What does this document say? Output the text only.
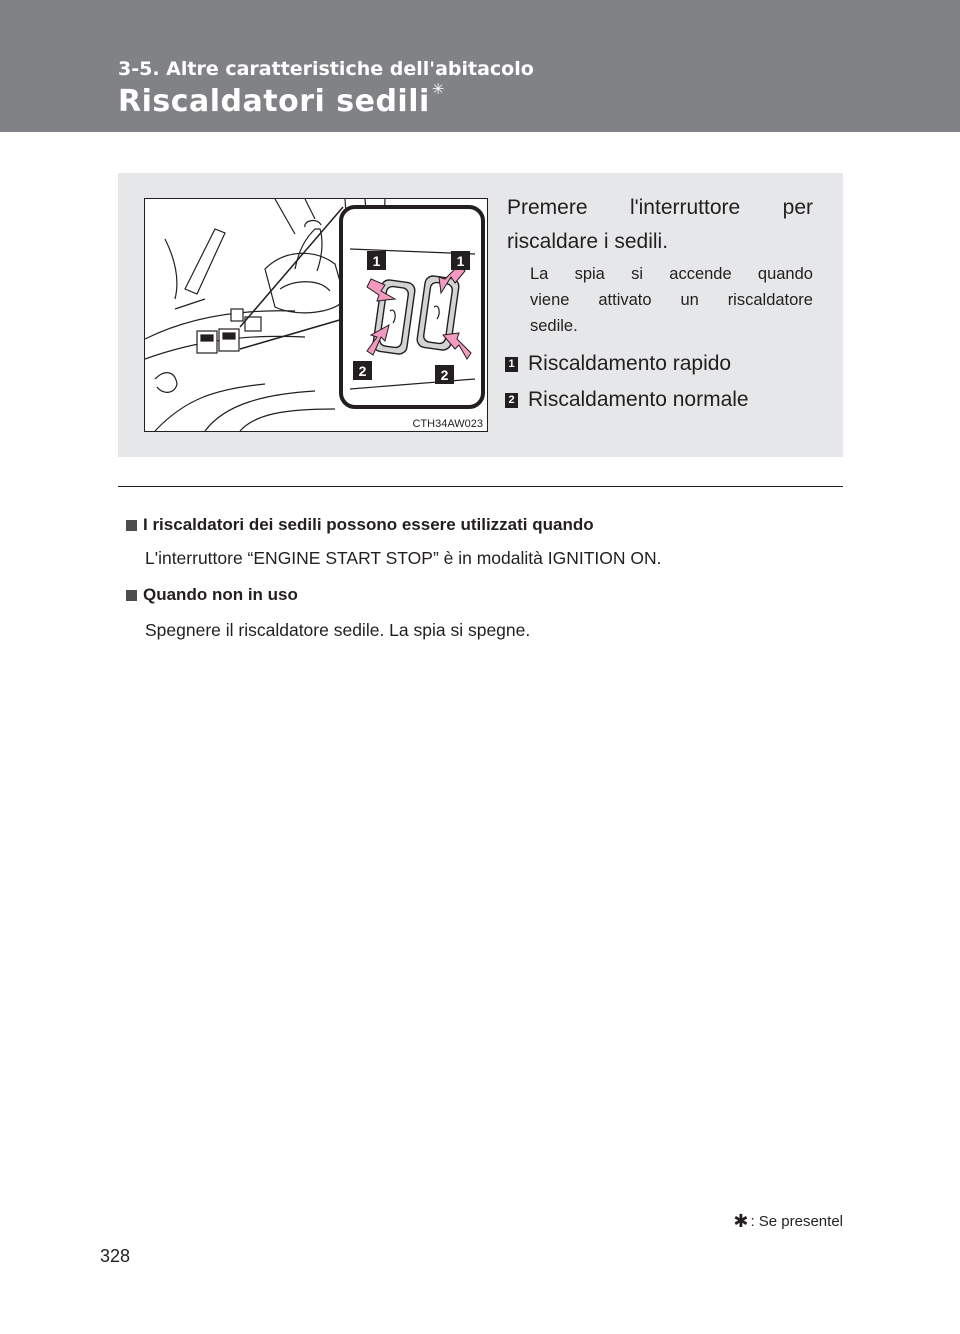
3-5. Altre caratteristiche dell'abitacolo
Riscaldatori sedili ✳
1	1
2	2
CTH34AW023
Premere l'interruttore per
riscaldare i sedili.
La spia si accende quando
viene attivato un riscaldatore
sedile.
1 Riscaldamento rapido
2 Riscaldamento normale
I riscaldatori dei sedili possono essere utilizzati quando
L'interruttore “ENGINE START STOP” è in modalità IGNITION ON.
Quando non in uso
Spegnere il riscaldatore sedile. La spia si spegne.
✱ : Se presentel
328
